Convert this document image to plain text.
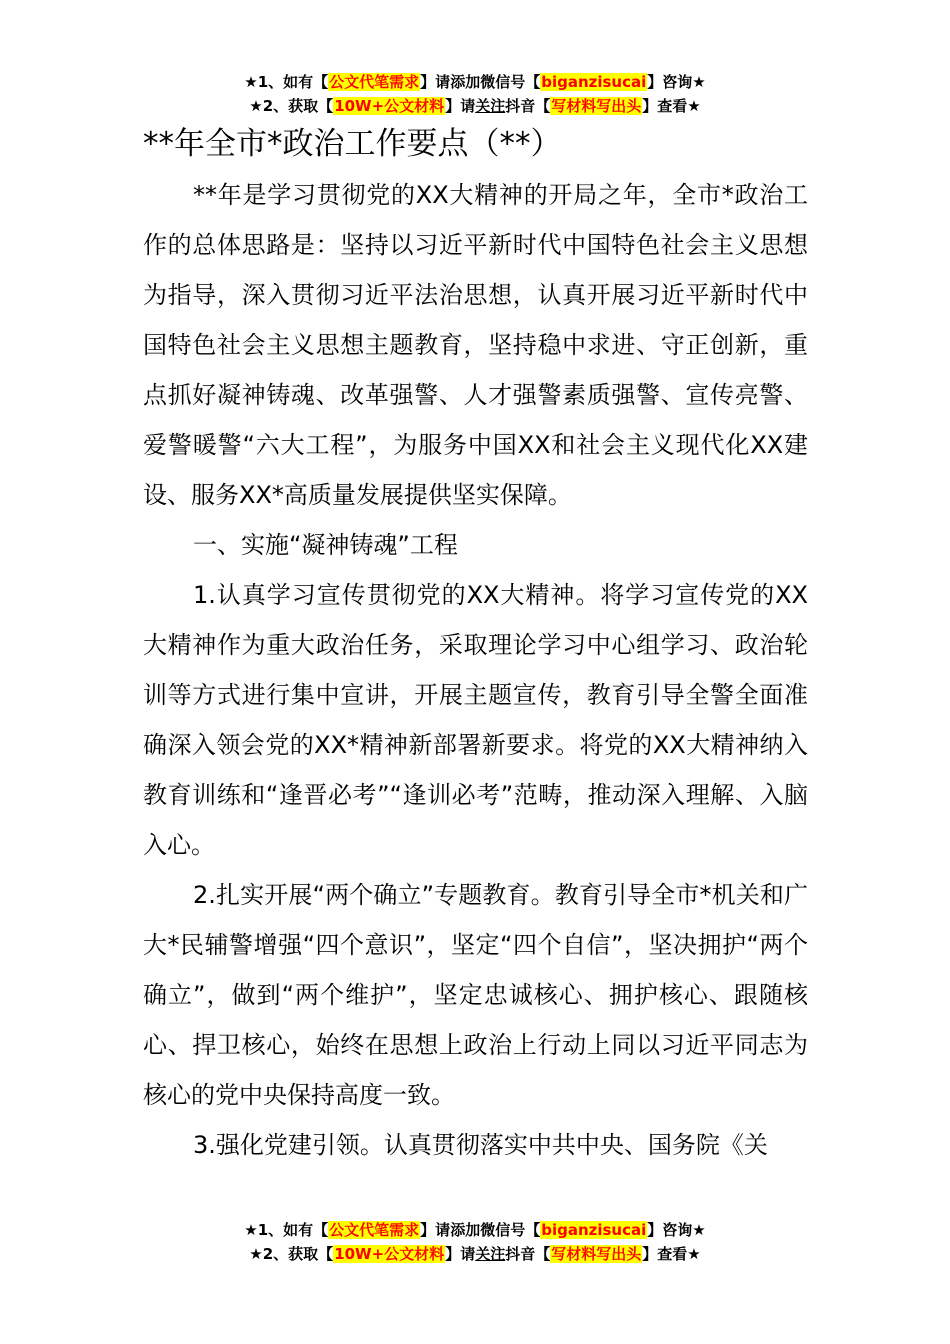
★1、如有【公文代笔需求】请添加微信号【biganzisucai】咨询★
★2、获取【10W+公文材料】请关注抖音【写材料写出头】查看★
**年全市*政治工作要点（**）

**年是学习贯彻党的XX大精神的开局之年，全市*政治工作的总体思路是：坚持以习近平新时代中国特色社会主义思想为指导，深入贯彻习近平法治思想，认真开展习近平新时代中国特色社会主义思想主题教育，坚持稳中求进、守正创新，重点抓好凝神铸魂、改革强警、人才强警素质强警、宣传亮警、爱警暖警“六大工程”，为服务中国XX和社会主义现代化XX建设、服务XX*高质量发展提供坚实保障。

一、实施“凝神铸魂”工程

1.认真学习宣传贯彻党的XX大精神。将学习宣传党的XX大精神作为重大政治任务，采取理论学习中心组学习、政治轮训等方式进行集中宣讲，开展主题宣传，教育引导全警全面准确深入领会党的XX*精神新部署新要求。将党的XX大精神纳入教育训练和“逢晋必考”“逢训必考”范畴，推动深入理解、入脑入心。

2.扎实开展“两个确立”专题教育。教育引导全市*机关和广大*民辅警增强“四个意识”，坚定“四个自信”，坚决拥护“两个确立”，做到“两个维护”，坚定忠诚核心、拥护核心、跟随核心、捍卫核心，始终在思想上政治上行动上同以习近平同志为核心的党中央保持高度一致。

3.强化党建引领。认真贯彻落实中共中央、国务院《关

★1、如有【公文代笔需求】请添加微信号【biganzisucai】咨询★
★2、获取【10W+公文材料】请关注抖音【写材料写出头】查看★
